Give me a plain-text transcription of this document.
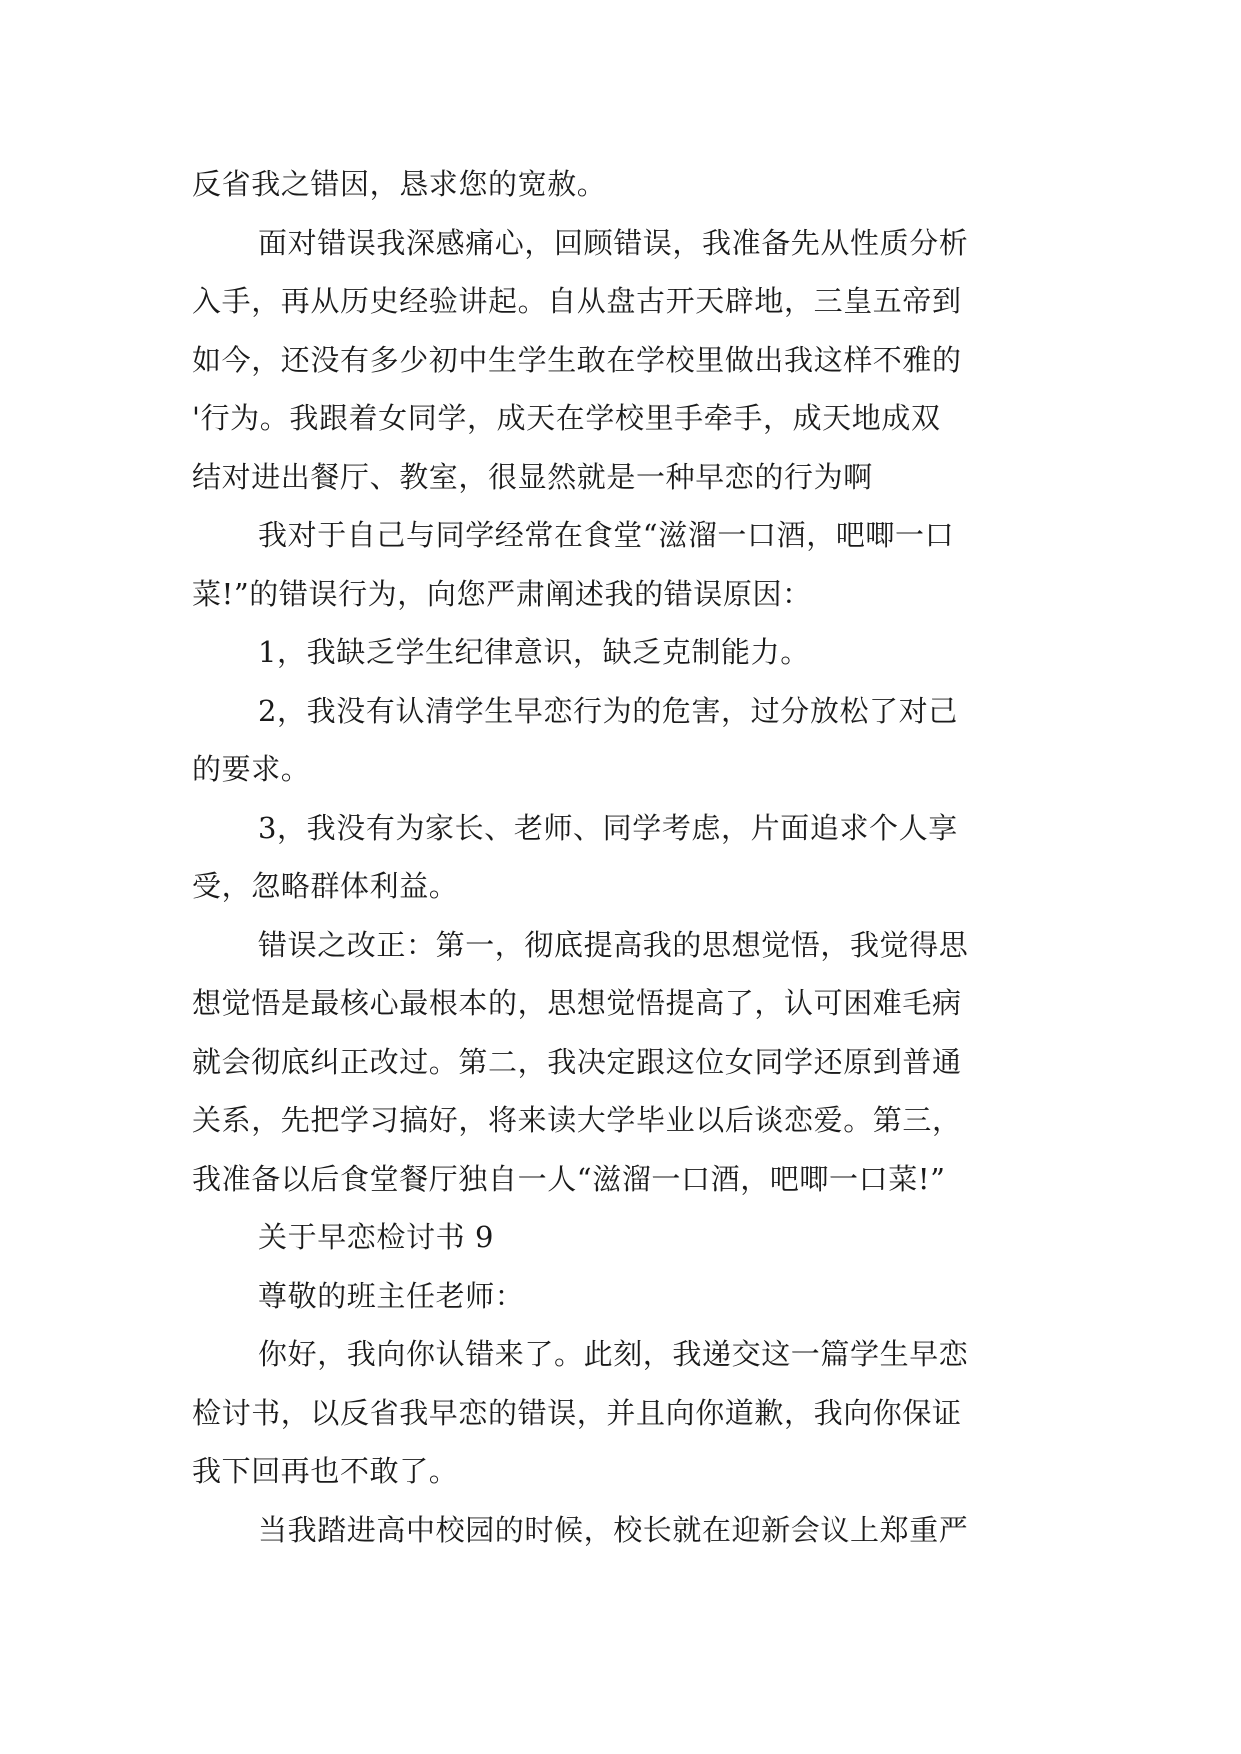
反省我之错因，恳求您的宽赦。
面对错误我深感痛心，回顾错误，我准备先从性质分析
入手，再从历史经验讲起。自从盘古开天辟地，三皇五帝到
如今，还没有多少初中生学生敢在学校里做出我这样不雅的
'行为。我跟着女同学，成天在学校里手牵手，成天地成双
结对进出餐厅、教室，很显然就是一种早恋的行为啊
我对于自己与同学经常在食堂“滋溜一口酒，吧唧一口
菜!”的错误行为，向您严肃阐述我的错误原因：
1，我缺乏学生纪律意识，缺乏克制能力。
2，我没有认清学生早恋行为的危害，过分放松了对己
的要求。
3，我没有为家长、老师、同学考虑，片面追求个人享
受，忽略群体利益。
错误之改正：第一，彻底提高我的思想觉悟，我觉得思
想觉悟是最核心最根本的，思想觉悟提高了，认可困难毛病
就会彻底纠正改过。第二，我决定跟这位女同学还原到普通
关系，先把学习搞好，将来读大学毕业以后谈恋爱。第三，
我准备以后食堂餐厅独自一人“滋溜一口酒，吧唧一口菜!”
关于早恋检讨书 9
尊敬的班主任老师：
你好，我向你认错来了。此刻，我递交这一篇学生早恋
检讨书，以反省我早恋的错误，并且向你道歉，我向你保证
我下回再也不敢了。
当我踏进高中校园的时候，校长就在迎新会议上郑重严
